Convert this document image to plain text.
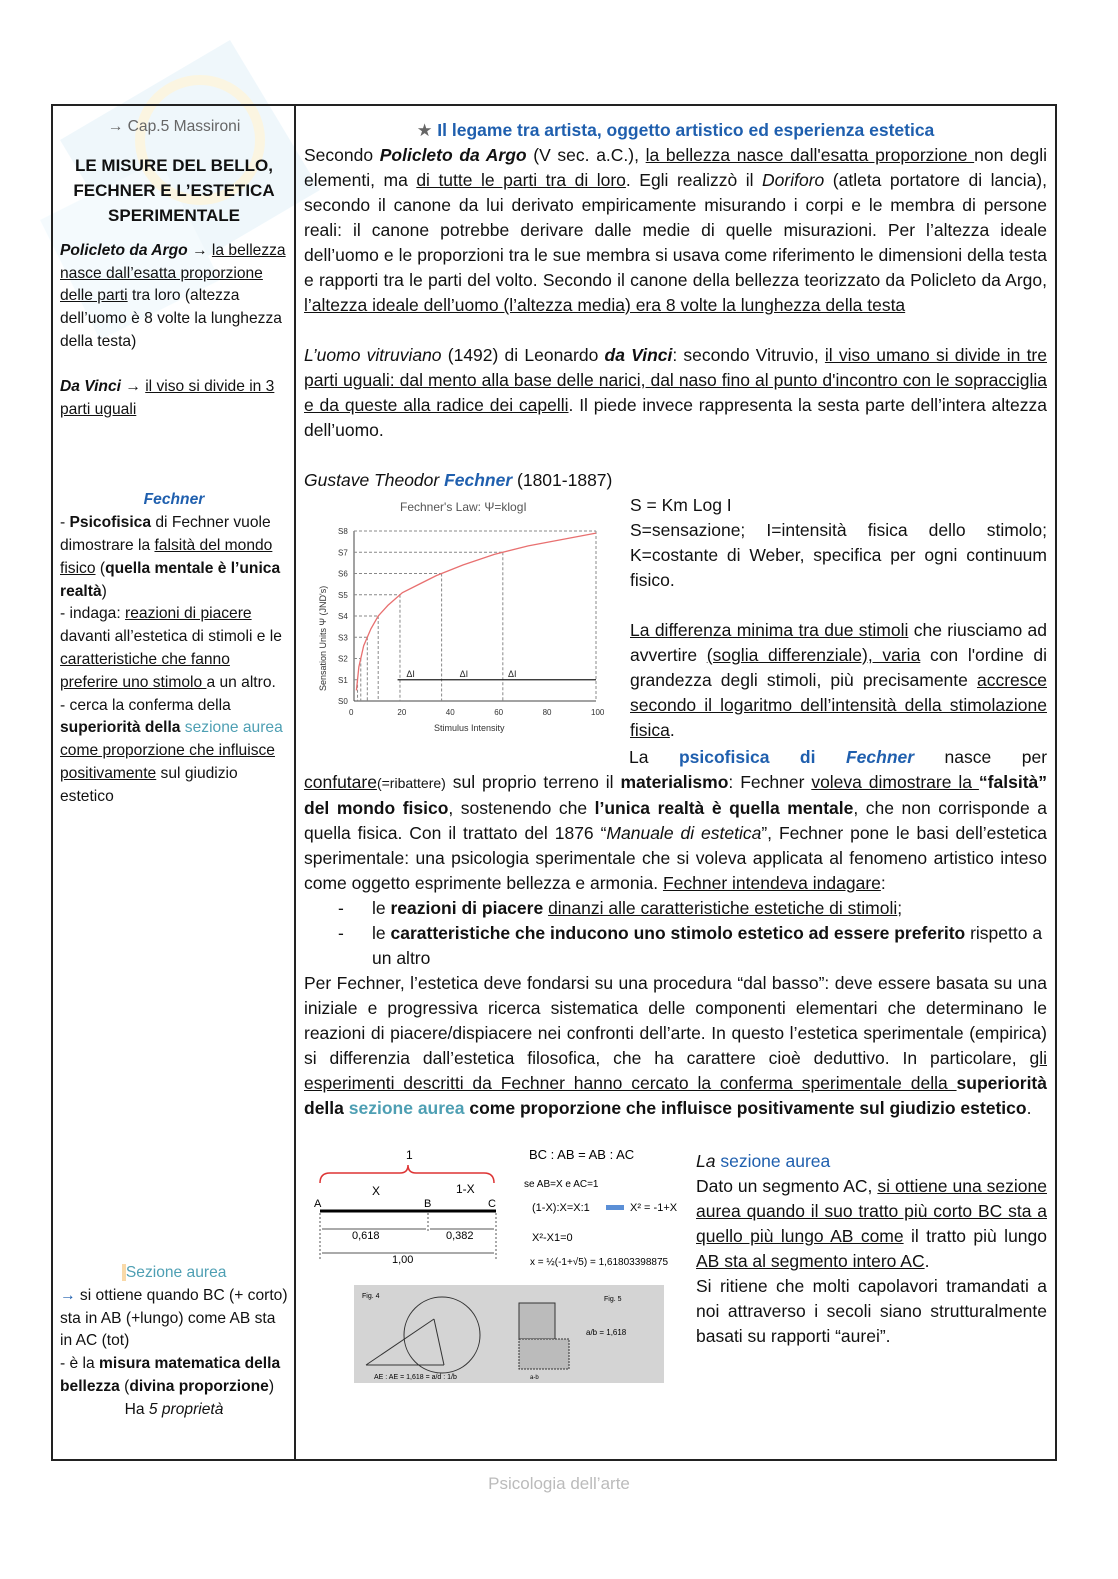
→ Cap.5 Massironi

LE MISURE DEL BELLO,
FECHNER E L’ESTETICA
SPERIMENTALE

Policleto da Argo → la bellezza nasce dall’esatta proporzione delle parti tra loro (altezza dell’uomo è 8 volte la lunghezza della testa)

Da Vinci → il viso si divide in 3 parti uguali

Fechner

- Psicofisica di Fechner vuole dimostrare la falsità del mondo fisico (quella mentale è l’unica realtà)

- indaga: reazioni di piacere davanti all’estetica di stimoli e le caratteristiche che fanno preferire uno stimolo a un altro.

- cerca la conferma della superiorità della sezione aurea come proporzione che influisce positivamente sul giudizio estetico

Sezione aurea

→ si ottiene quando BC (+ corto) sta in AB (+lungo) come AB sta in AC (tot)

- è la misura matematica della bellezza (divina proporzione)

Ha 5 proprietà

★ Il legame tra artista, oggetto artistico ed esperienza estetica

Secondo Policleto da Argo (V sec. a.C.), la bellezza nasce dall'esatta proporzione non degli elementi, ma di tutte le parti tra di loro. Egli realizzò il Doriforo (atleta portatore di lancia), secondo il canone da lui derivato empiricamente misurando i corpi e le membra di persone reali: il canone potrebbe derivare dalle medie di quelle misurazioni. Per l’altezza ideale dell’uomo e le proporzioni tra le sue membra si usava come riferimento le dimensioni della testa e rapporti tra le parti del volto. Secondo il canone della bellezza teorizzato da Policleto da Argo, l’altezza ideale dell’uomo (l’altezza media) era 8 volte la lunghezza della testa

L’uomo vitruviano (1492) di Leonardo da Vinci: secondo Vitruvio, il viso umano si divide in tre parti uguali: dal mento alla base delle narici, dal naso fino al punto d'incontro con le sopracciglia e da queste alla radice dei capelli. Il piede invece rappresenta la sesta parte dell’intera altezza dell’uomo.

Gustave Theodor Fechner (1801-1887)

Fechner's Law: Ψ=klogI
S0
S1
S2
S3
S4
S5
S6
S7
S8
0	20	40	60	80	100
Stimulus Intensity
Sensation Units Ψ (JND's)	ΔI	ΔI	ΔI

S = Km Log I

S=sensazione; I=intensità fisica dello stimolo; K=costante di Weber, specifica per ogni continuum fisico.

La differenza minima tra due stimoli che riusciamo ad avvertire (soglia differenziale), varia con l'ordine di grandezza degli stimoli, più precisamente accresce secondo il logaritmo dell’intensità della stimolazione fisica.

La psicofisica di Fechner nasce per

confutare(=ribattere) sul proprio terreno il materialismo: Fechner voleva dimostrare la “falsità” del mondo fisico, sostenendo che l’unica realtà è quella mentale, che non corrisponde a quella fisica. Con il trattato del 1876 “Manuale di estetica”, Fechner pone le basi dell’estetica sperimentale: una psicologia sperimentale che si voleva applicata al fenomeno artistico inteso come oggetto esprimente bellezza e armonia. Fechner intendeva indagare:

- le reazioni di piacere dinanzi alle caratteristiche estetiche di stimoli;
- le caratteristiche che inducono uno stimolo estetico ad essere preferito rispetto a un altro

Per Fechner, l’estetica deve fondarsi su una procedura “dal basso”: deve essere basata su una iniziale e progressiva ricerca sistematica delle componenti elementari che determinano le reazioni di piacere/dispiacere nei confronti dell’arte. In questo l’estetica sperimentale (empirica) si differenzia dall’estetica filosofica, che ha carattere cioè deduttivo. In particolare, gli esperimenti descritti da Fechner hanno cercato la conferma sperimentale della superiorità della sezione aurea come proporzione che influisce positivamente sul giudizio estetico.

1
X	1-X
A	B	C
0,618	0,382
1,00
BC : AB = AB : AC
se AB=X e AC=1
(1-X):X=X:1	X² = -1+X
X²-X1=0
x = ½(-1+√5) = 1,61803398875
Fig. 4
AE : AE = 1,618 = a/d : 1/b
Fig. 5
a/b = 1,618
a-b

La sezione aurea

Dato un segmento AC, si ottiene una sezione aurea quando il suo tratto più corto BC sta a quello più lungo AB come il tratto più lungo AB sta al segmento intero AC.

Si ritiene che molti capolavori tramandati a noi attraverso i secoli siano strutturalmente basati su rapporti “aurei”.

Psicologia dell’arte
